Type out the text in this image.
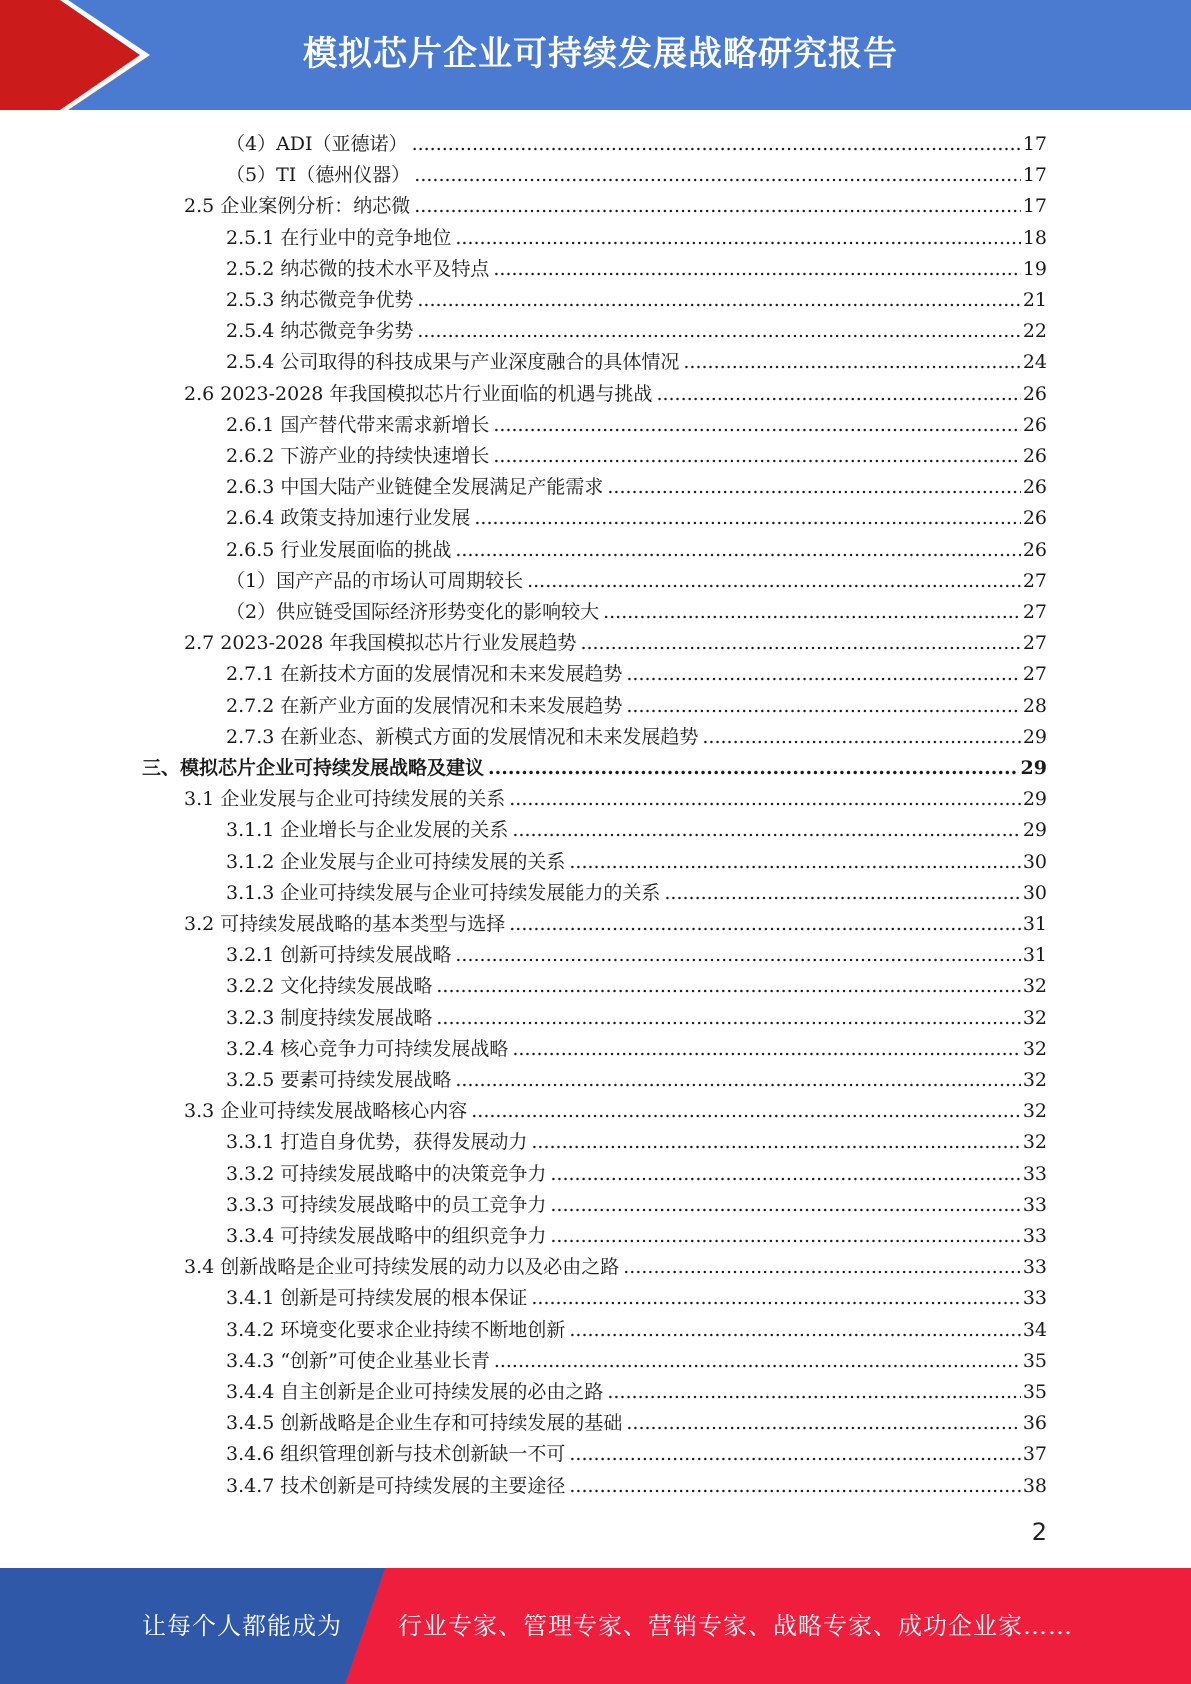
模拟芯片企业可持续发展战略研究报告
（4）ADI（亚德诺） .....	17
（5）TI（德州仪器） .....	17
2.5 企业案例分析：纳芯微 .....	17
2.5.1 在行业中的竞争地位 .....	18
2.5.2 纳芯微的技术水平及特点 .....	19
2.5.3 纳芯微竞争优势 .....	21
2.5.4 纳芯微竞争劣势 .....	22
2.5.4 公司取得的科技成果与产业深度融合的具体情况 .....	24
2.6 2023-2028 年我国模拟芯片行业面临的机遇与挑战 .....	26
2.6.1 国产替代带来需求新增长 .....	26
2.6.2 下游产业的持续快速增长 .....	26
2.6.3 中国大陆产业链健全发展满足产能需求 .....	26
2.6.4 政策支持加速行业发展 .....	26
2.6.5 行业发展面临的挑战 .....	26
（1）国产产品的市场认可周期较长 .....	27
（2）供应链受国际经济形势变化的影响较大 .....	27
2.7 2023-2028 年我国模拟芯片行业发展趋势 .....	27
2.7.1 在新技术方面的发展情况和未来发展趋势 .....	27
2.7.2 在新产业方面的发展情况和未来发展趋势 .....	28
2.7.3 在新业态、新模式方面的发展情况和未来发展趋势 .....	29
三、模拟芯片企业可持续发展战略及建议 .....	29
3.1 企业发展与企业可持续发展的关系 .....	29
3.1.1 企业增长与企业发展的关系 .....	29
3.1.2 企业发展与企业可持续发展的关系 .....	30
3.1.3 企业可持续发展与企业可持续发展能力的关系 .....	30
3.2 可持续发展战略的基本类型与选择 .....	31
3.2.1 创新可持续发展战略 .....	31
3.2.2 文化持续发展战略 .....	32
3.2.3 制度持续发展战略 .....	32
3.2.4 核心竞争力可持续发展战略 .....	32
3.2.5 要素可持续发展战略 .....	32
3.3 企业可持续发展战略核心内容 .....	32
3.3.1 打造自身优势，获得发展动力 .....	32
3.3.2 可持续发展战略中的决策竞争力 .....	33
3.3.3 可持续发展战略中的员工竞争力 .....	33
3.3.4 可持续发展战略中的组织竞争力 .....	33
3.4 创新战略是企业可持续发展的动力以及必由之路 .....	33
3.4.1 创新是可持续发展的根本保证 .....	33
3.4.2 环境变化要求企业持续不断地创新 .....	34
3.4.3 “创新”可使企业基业长青 .....	35
3.4.4 自主创新是企业可持续发展的必由之路 .....	35
3.4.5 创新战略是企业生存和可持续发展的基础 .....	36
3.4.6 组织管理创新与技术创新缺一不可 .....	37
3.4.7 技术创新是可持续发展的主要途径 .....	38
2
让每个人都能成为 行业专家、管理专家、营销专家、战略专家、成功企业家……
